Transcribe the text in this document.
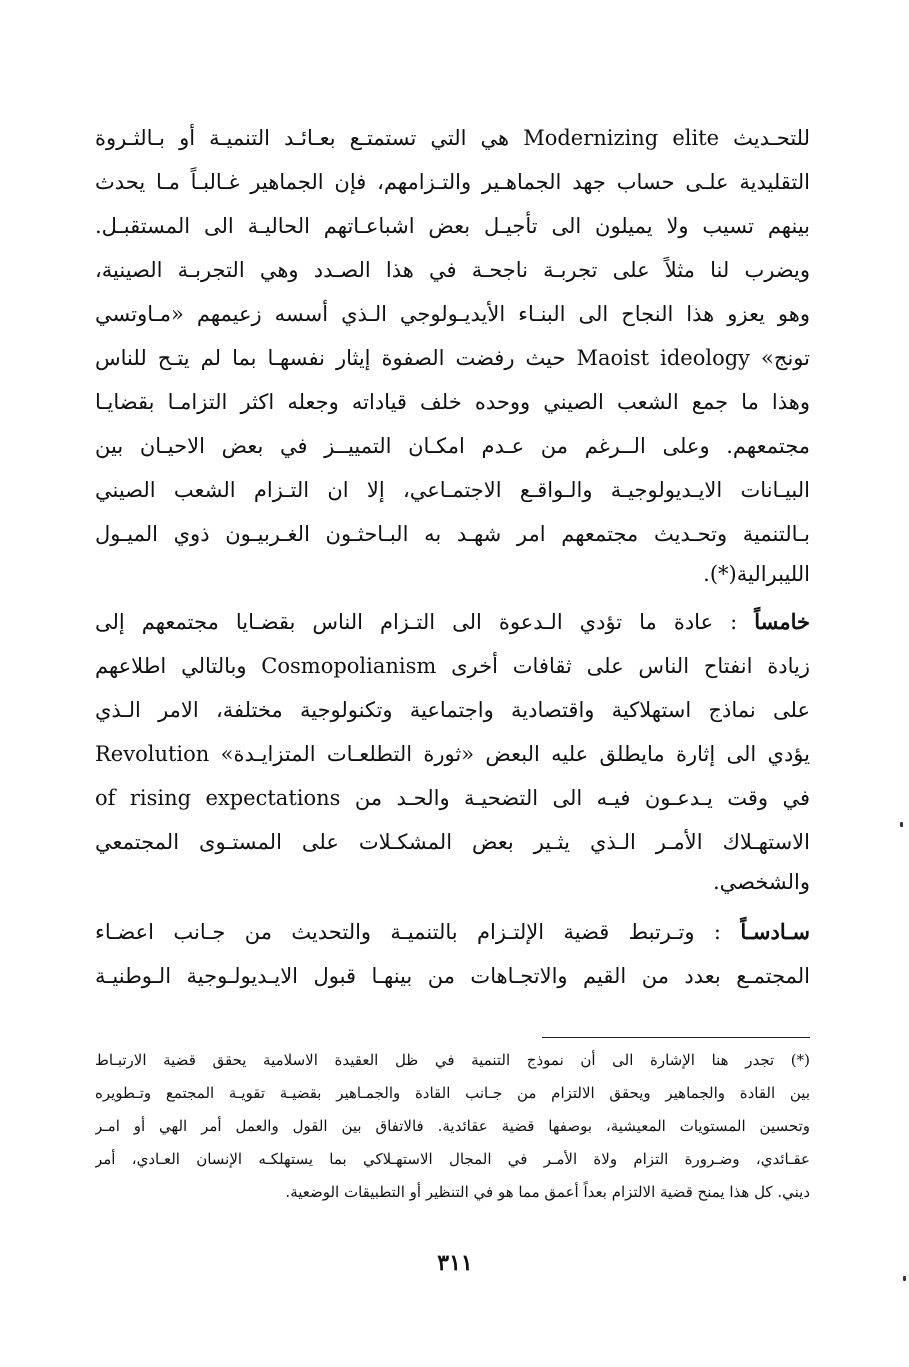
للتحـديث Modernizing elite هي التي تستمتـع بعـائـد التنميـة أو بـالثـروة
التقليدية علـى حساب جهد الجماهـير والتـزامهم، فإن الجماهير غـالبـاً مـا يحدث
بينهم تسيب ولا يميلون الى تأجيـل بعض اشباعـاتهم الحاليـة الى المستقبـل.
ويضرب لنا مثلاً على تجربـة ناجحـة في هذا الصـدد وهي التجربـة الصينية،
وهو يعزو هذا النجاح الى البنـاء الأيديـولوجي الـذي أسسه زعيمهم «مـاوتسي
تونج» Maoist ideology حيث رفضت الصفوة إيثار نفسهـا بما لم يتـح للناس
وهذا ما جمع الشعب الصيني ووحده خلف قياداته وجعله اكثر التزامـا بقضايـا
مجتمعهم. وعلى الــرغم من عـدم امكـان التمييــز في بعض الاحيـان بين
البيـانات الايـديولوجيـة والـواقـع الاجتمـاعي، إلا ان التـزام الشعب الصيني
بـالتنمية وتحـديث مجتمعهم امر شهـد به البـاحثـون الغـربيـون ذوي الميـول
الليبرالية(*).
خامساً : عادة ما تؤدي الـدعوة الى التـزام الناس بقضـايا مجتمعهم إلى
زيادة انفتاح الناس على ثقافات أخرى Cosmopolianism وبالتالي اطلاعهم
على نماذج استهلاكية واقتصادية واجتماعية وتكنولوجية مختلفة، الامر الـذي
يؤدي الى إثارة مايطلق عليه البعض «ثورة التطلعـات المتزايـدة» Revolution
of rising expectations في وقت يـدعـون فيـه الى التضحيـة والحـد من
الاستهـلاك الأمـر الـذي يثـير بعض المشكـلات على المستـوى المجتمعي
والشخصي.
سـادسـاً : وتـرتبط قضية الإلتـزام بالتنميـة والتحديث من جـانب اعضـاء
المجتمـع بعدد من القيم والاتجـاهات من بينهـا قبول الايـديولـوجية الـوطنيـة
(*) تجدر هنا الإشارة الى أن نموذج التنمية في ظل العقيدة الاسلامية يحقق قضية الارتبـاط
بين القادة والجماهير ويحقق الالتزام من جـانب القادة والجمـاهير بقضيـة تقويـة المجتمع وتـطويره
وتحسين المستويات المعيشية، بوصفها قضية عقائدية. فالاتفاق بين القول والعمل أمر الهي أو امـر
عقـائدي، وضـرورة التزام ولاة الأمـر في المجال الاستهـلاكي بما يستهلكـه الإنسان العـادي، أمر
ديني. كل هذا يمنح قضية الالتزام بعداً أعمق مما هو في التنظير أو التطبيقات الوضعية.
٣١١
